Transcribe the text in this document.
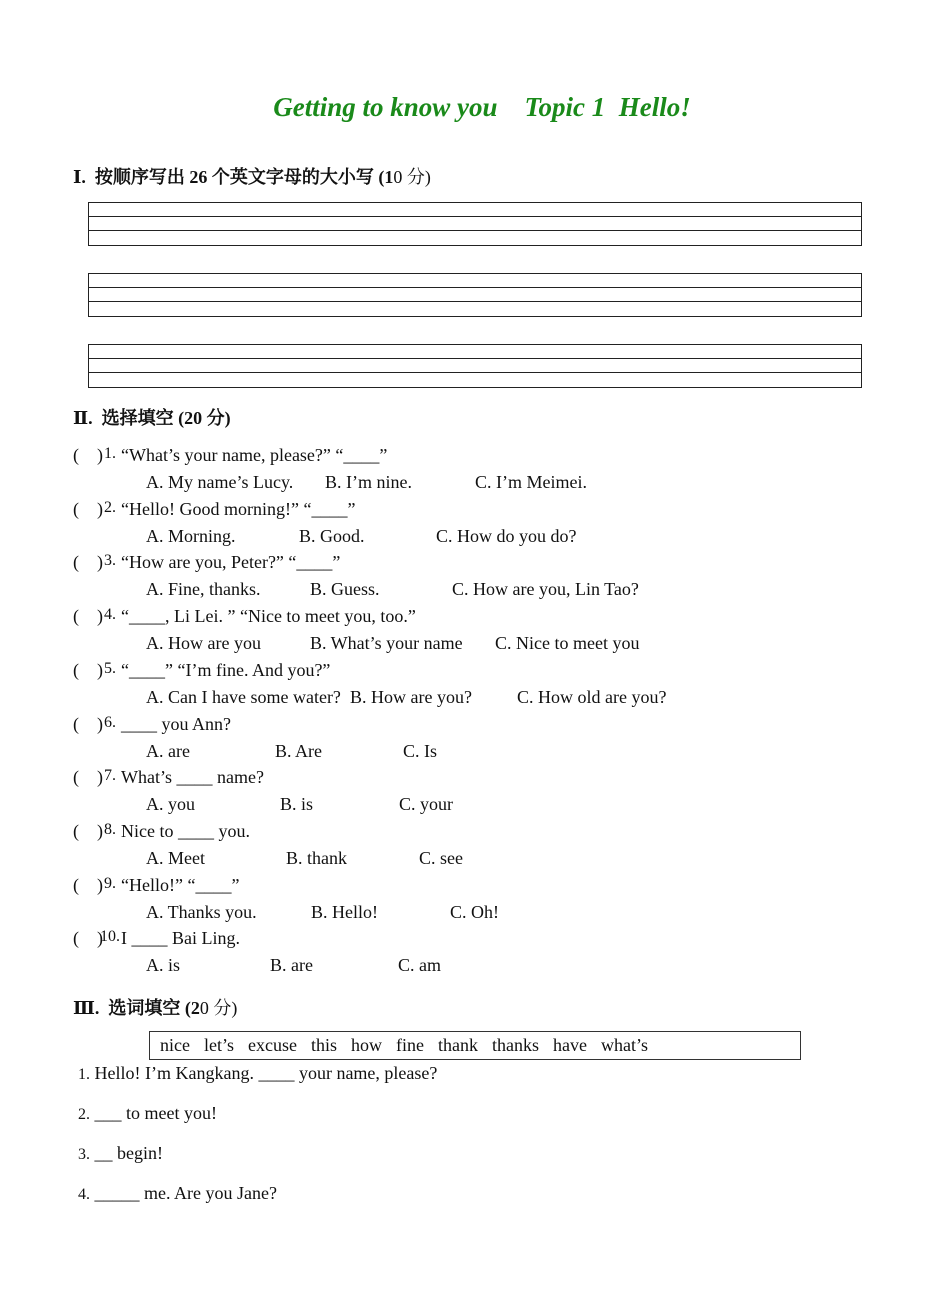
Getting to know you    Topic 1  Hello!
Ⅰ.  按顺序写出 26 个英文字母的大小写 (10 分)
Ⅱ.  选择填空 (20 分)
(    ) 1. “What’s your name, please?” “____”
A. My name’s Lucy. B. I’m nine.	C. I’m Meimei.
(    ) 2. “Hello! Good morning!” “____”
A. Morning.	B. Good.	C. How do you do?
(    ) 3. “How are you, Peter?” “____”
A. Fine, thanks.	B. Guess.	C. How are you, Lin Tao?
(    ) 4. “____, Li Lei. ” “Nice to meet you, too.”
A. How are you	B. What’s your name C. Nice to meet you
(    ) 5. “____” “I’m fine. And you?”
A. Can I have some water? B. How are you?	C. How old are you?
(    ) 6. ____ you Ann?
A. are	B. Are	C. Is
(    ) 7. What’s ____ name?
A. you	B. is	C. your
(    ) 8. Nice to ____ you.
A. Meet	B. thank	C. see
(    ) 9. “Hello!” “____”
A. Thanks you.	B. Hello!	C. Oh!
(    )
10. I ____ Bai Ling.
A. is	B. are	C. am
Ⅲ.  选词填空 (20 分)
nice let’s excuse this how fine thank thanks have what’s
1. Hello! I’m Kangkang. ____ your name, please?
2. ___ to meet you!
3. __ begin!
4. _____ me. Are you Jane?
